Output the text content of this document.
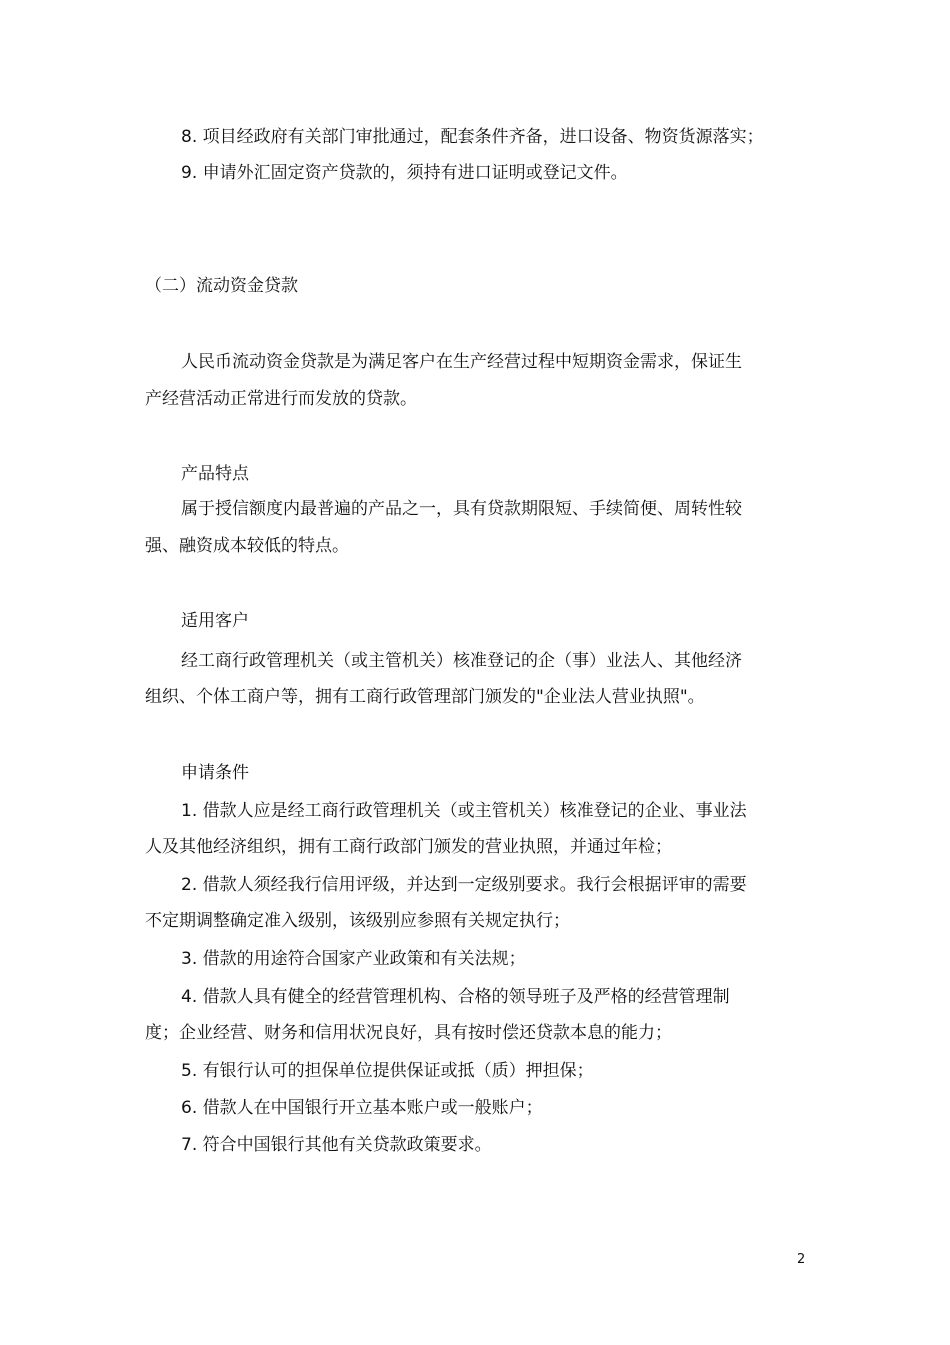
8. 项目经政府有关部门审批通过，配套条件齐备，进口设备、物资货源落实；
9. 申请外汇固定资产贷款的，须持有进口证明或登记文件。
（二）流动资金贷款
人民币流动资金贷款是为满足客户在生产经营过程中短期资金需求，保证生
产经营活动正常进行而发放的贷款。
产品特点
属于授信额度内最普遍的产品之一，具有贷款期限短、手续简便、周转性较
强、融资成本较低的特点。
适用客户
经工商行政管理机关（或主管机关）核准登记的企（事）业法人、其他经济
组织、个体工商户等，拥有工商行政管理部门颁发的"企业法人营业执照"。
申请条件
1. 借款人应是经工商行政管理机关（或主管机关）核准登记的企业、事业法
人及其他经济组织，拥有工商行政部门颁发的营业执照，并通过年检；
2. 借款人须经我行信用评级，并达到一定级别要求。我行会根据评审的需要
不定期调整确定准入级别，该级别应参照有关规定执行；
3. 借款的用途符合国家产业政策和有关法规；
4. 借款人具有健全的经营管理机构、合格的领导班子及严格的经营管理制
度；企业经营、财务和信用状况良好，具有按时偿还贷款本息的能力；
5. 有银行认可的担保单位提供保证或抵（质）押担保；
6. 借款人在中国银行开立基本账户或一般账户；
7. 符合中国银行其他有关贷款政策要求。
2
